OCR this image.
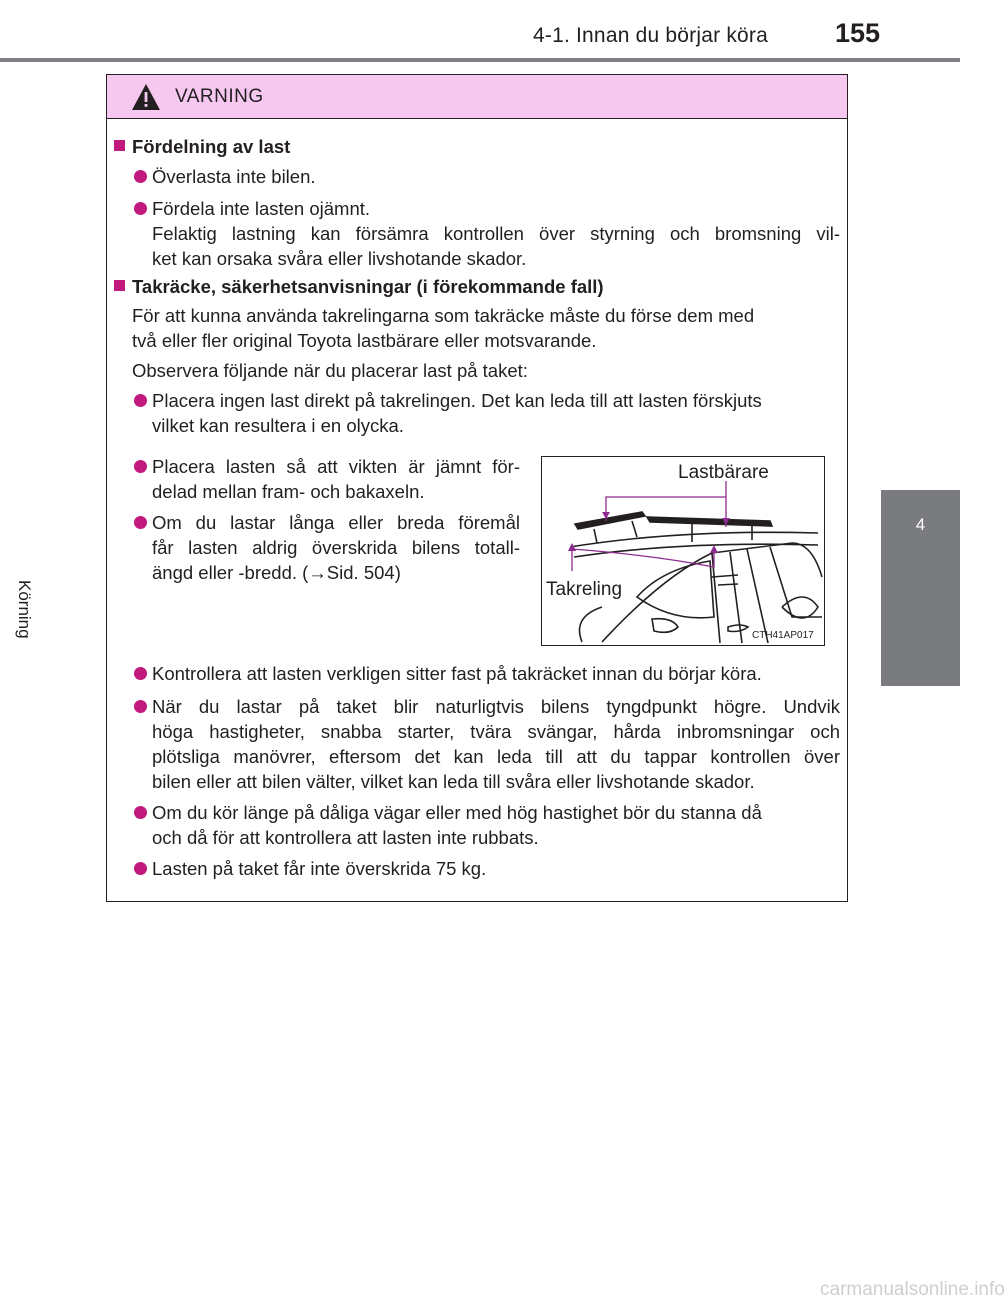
4-1. Innan du börjar köra 155
4
Körning
VARNING
Fördelning av last
Överlasta inte bilen.
Fördela inte lasten ojämnt.
Felaktig lastning kan försämra kontrollen över styrning och bromsning vil-
ket kan orsaka svåra eller livshotande skador.
Takräcke, säkerhetsanvisningar (i förekommande fall)
För att kunna använda takrelingarna som takräcke måste du förse dem med
två eller fler original Toyota lastbärare eller motsvarande.
Observera följande när du placerar last på taket:
Placera ingen last direkt på takrelingen. Det kan leda till att lasten förskjuts
vilket kan resultera i en olycka.
Placera lasten så att vikten är jämnt för-
delad mellan fram- och bakaxeln.
Om du lastar långa eller breda föremål
får lasten aldrig överskrida bilens totall-
ängd eller -bredd. (→Sid. 504)
Kontrollera att lasten verkligen sitter fast på takräcket innan du börjar köra.
När du lastar på taket blir naturligtvis bilens tyngdpunkt högre. Undvik
höga hastigheter, snabba starter, tvära svängar, hårda inbromsningar och
plötsliga manövrer, eftersom det kan leda till att du tappar kontrollen över
bilen eller att bilen välter, vilket kan leda till svåra eller livshotande skador.
Om du kör länge på dåliga vägar eller med hög hastighet bör du stanna då
och då för att kontrollera att lasten inte rubbats.
Lasten på taket får inte överskrida 75 kg.
Lastbärare
Takreling
CTH41AP017
carmanualsonline.info
